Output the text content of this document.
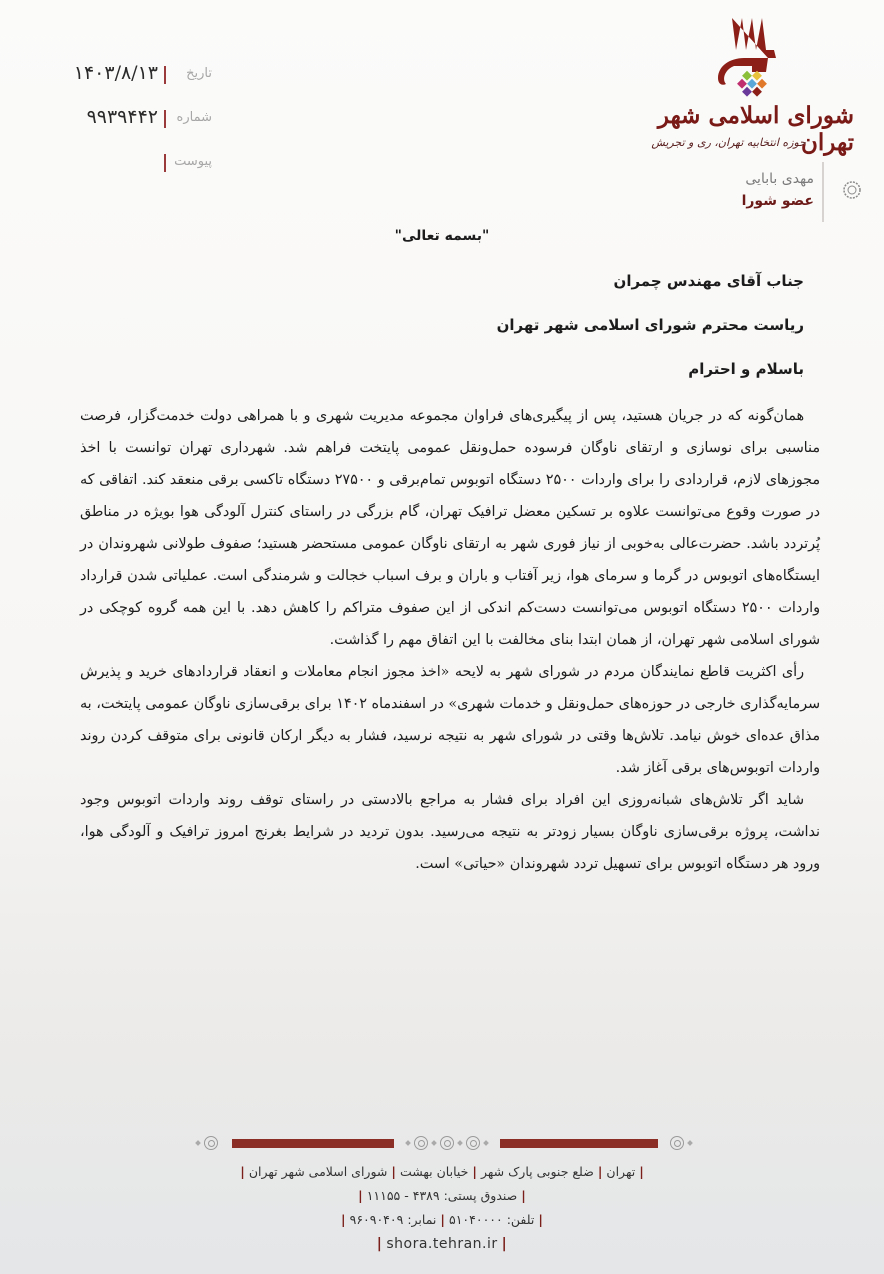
شورای اسلامی شهر تهران
حوزه انتخابیه تهران، ری و تجریش
مهدی بابایی
عضو شورا
تاریخ
۱۴۰۳/۸/۱۳
شماره
۹۹۳۹۴۴۲
پیوست
"بسمه تعالی"
جناب آقای مهندس چمران
ریاست محترم شورای اسلامی شهر تهران
باسلام و احترام

همان‌گونه که در جریان هستید، پس از پیگیری‌های فراوان مجموعه مدیریت شهری و با همراهی دولت خدمت‌گزار، فرصت مناسبی برای نوسازی و ارتقای ناوگان فرسوده حمل‌ونقل عمومی پایتخت فراهم شد. شهرداری تهران توانست با اخذ مجوزهای لازم، قراردادی را برای واردات ۲۵۰۰ دستگاه اتوبوس تمام‌برقی و ۲۷۵۰۰ دستگاه تاکسی برقی منعقد کند. اتفاقی که در صورت وقوع می‌توانست علاوه بر تسکین معضل ترافیک تهران، گام بزرگی در راستای کنترل آلودگی هوا بویژه در مناطق پُرتردد باشد. حضرت‌عالی به‌خوبی از نیاز فوری شهر به ارتقای ناوگان عمومی مستحضر هستید؛ صفوف طولانی شهروندان در ایستگاه‌های اتوبوس در گرما و سرمای هوا، زیر آفتاب و باران و برف اسباب خجالت و شرمندگی است. عملیاتی شدن قرارداد واردات ۲۵۰۰ دستگاه اتوبوس می‌توانست دست‌کم اندکی از این صفوف متراکم را کاهش دهد. با این همه گروه کوچکی در شورای اسلامی شهر تهران، از همان ابتدا بنای مخالفت با این اتفاق مهم را گذاشت.

رأی اکثریت قاطع نمایندگان مردم در شورای شهر به لایحه «اخذ مجوز انجام معاملات و انعقاد قراردادهای خرید و پذیرش سرمایه‌گذاری خارجی در حوزه‌های حمل‌ونقل و خدمات شهری» در اسفندماه ۱۴۰۲ برای برقی‌سازی ناوگان عمومی پایتخت، به مذاق عده‌ای خوش نیامد. تلاش‌ها وقتی در شورای شهر به نتیجه نرسید، فشار به دیگر ارکان قانونی برای متوقف کردن روند واردات اتوبوس‌های برقی آغاز شد.

شاید اگر تلاش‌های شبانه‌روزی این افراد برای فشار به مراجع بالادستی در راستای توقف روند واردات اتوبوس وجود نداشت، پروژه برقی‌سازی ناوگان بسیار زودتر به نتیجه می‌رسید. بدون تردید در شرایط بغرنج امروز ترافیک و آلودگی هوا، ورود هر دستگاه اتوبوس برای تسهیل تردد شهروندان «حیاتی» است.

|تهران|ضلع جنوبی پارک شهر|خیابان بهشت|شورای اسلامی شهر تهران|
|صندوق پستی: ۴۳۸۹ - ۱۱۱۵۵|
|تلفن: ۵۱۰۴۰۰۰۰|نمابر: ۹۶۰۹۰۴۰۹|
| shora.tehran.ir |
